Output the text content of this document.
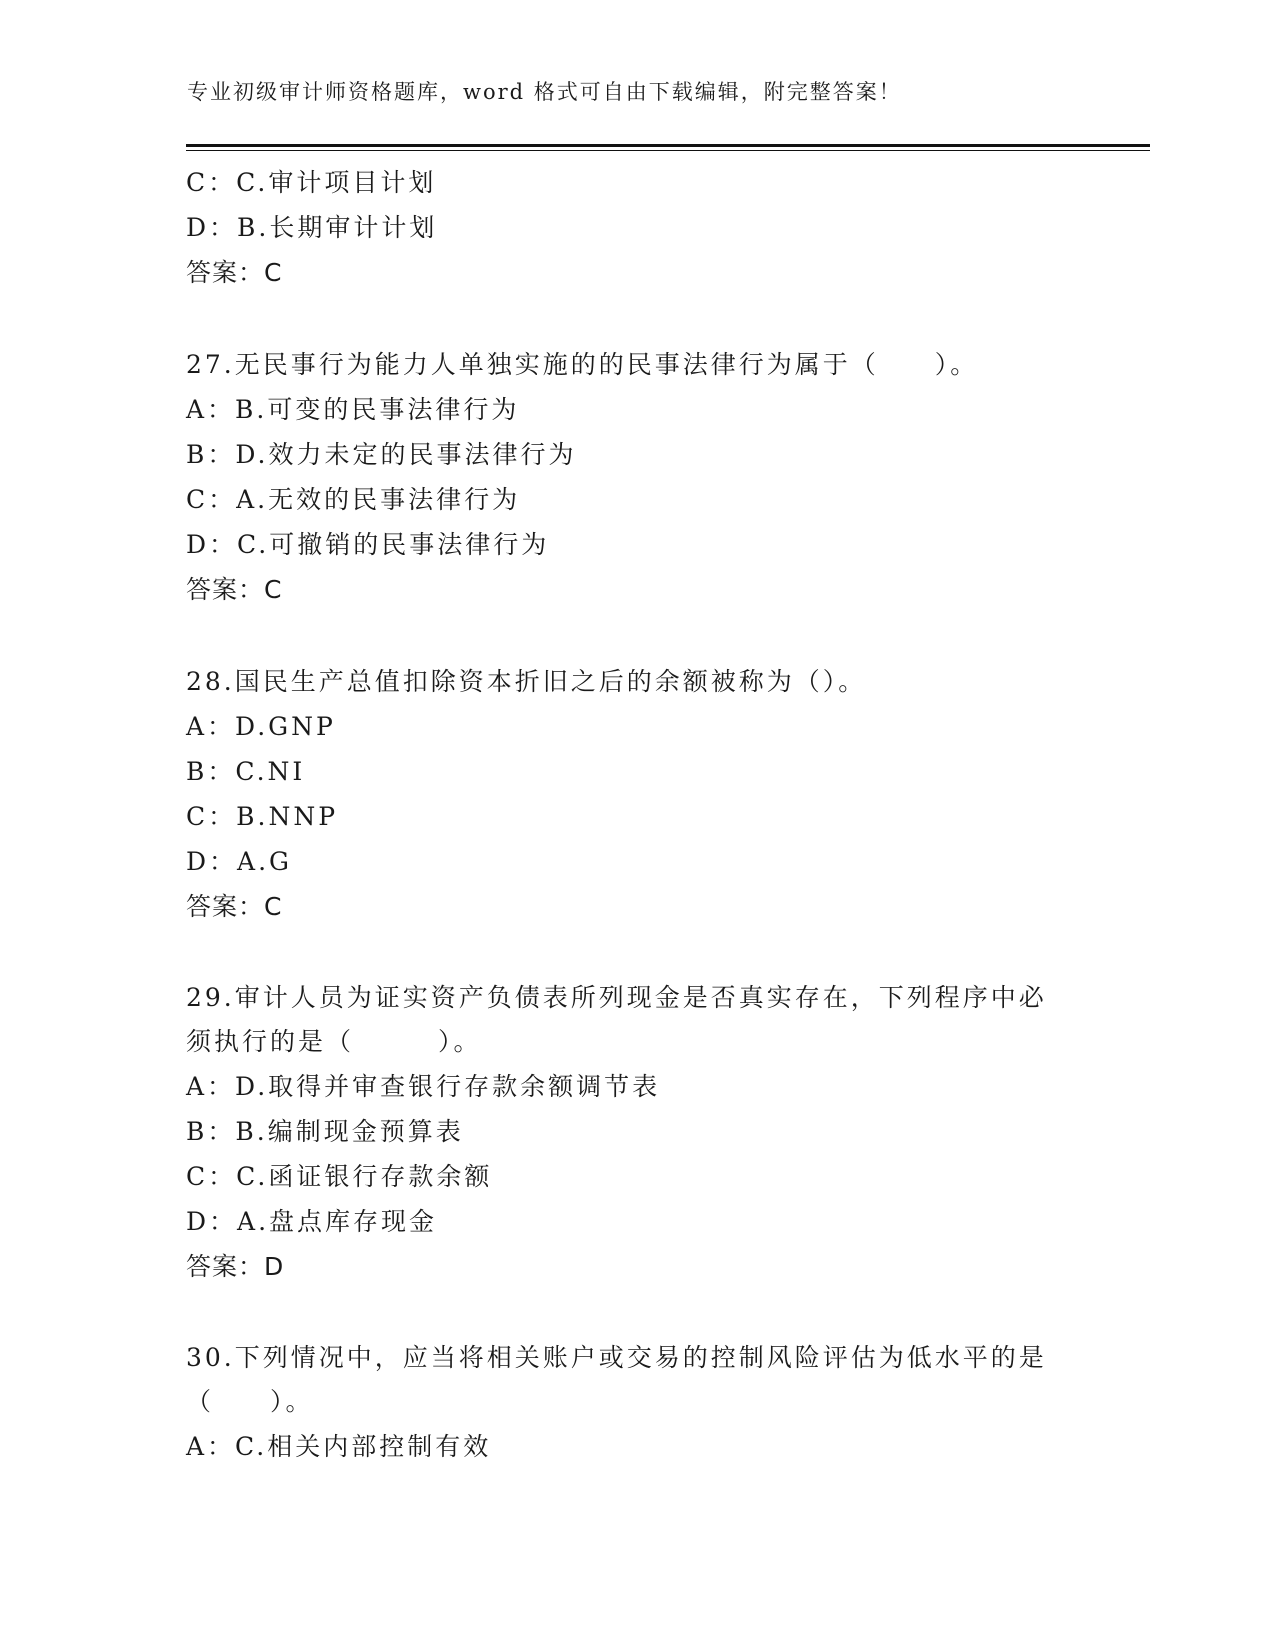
专业初级审计师资格题库，word 格式可自由下载编辑，附完整答案！
C：C.审计项目计划
D：B.长期审计计划
答案：C
27.无民事行为能力人单独实施的的民事法律行为属于（　　）。
A：B.可变的民事法律行为
B：D.效力未定的民事法律行为
C：A.无效的民事法律行为
D：C.可撤销的民事法律行为
答案：C
28.国民生产总值扣除资本折旧之后的余额被称为（）。
A：D.GNP
B：C.NI
C：B.NNP
D：A.G
答案：C
29.审计人员为证实资产负债表所列现金是否真实存在，下列程序中必
须执行的是（　　　）。
A：D.取得并审查银行存款余额调节表
B：B.编制现金预算表
C：C.函证银行存款余额
D：A.盘点库存现金
答案：D
30.下列情况中，应当将相关账户或交易的控制风险评估为低水平的是
（　　）。
A：C.相关内部控制有效
